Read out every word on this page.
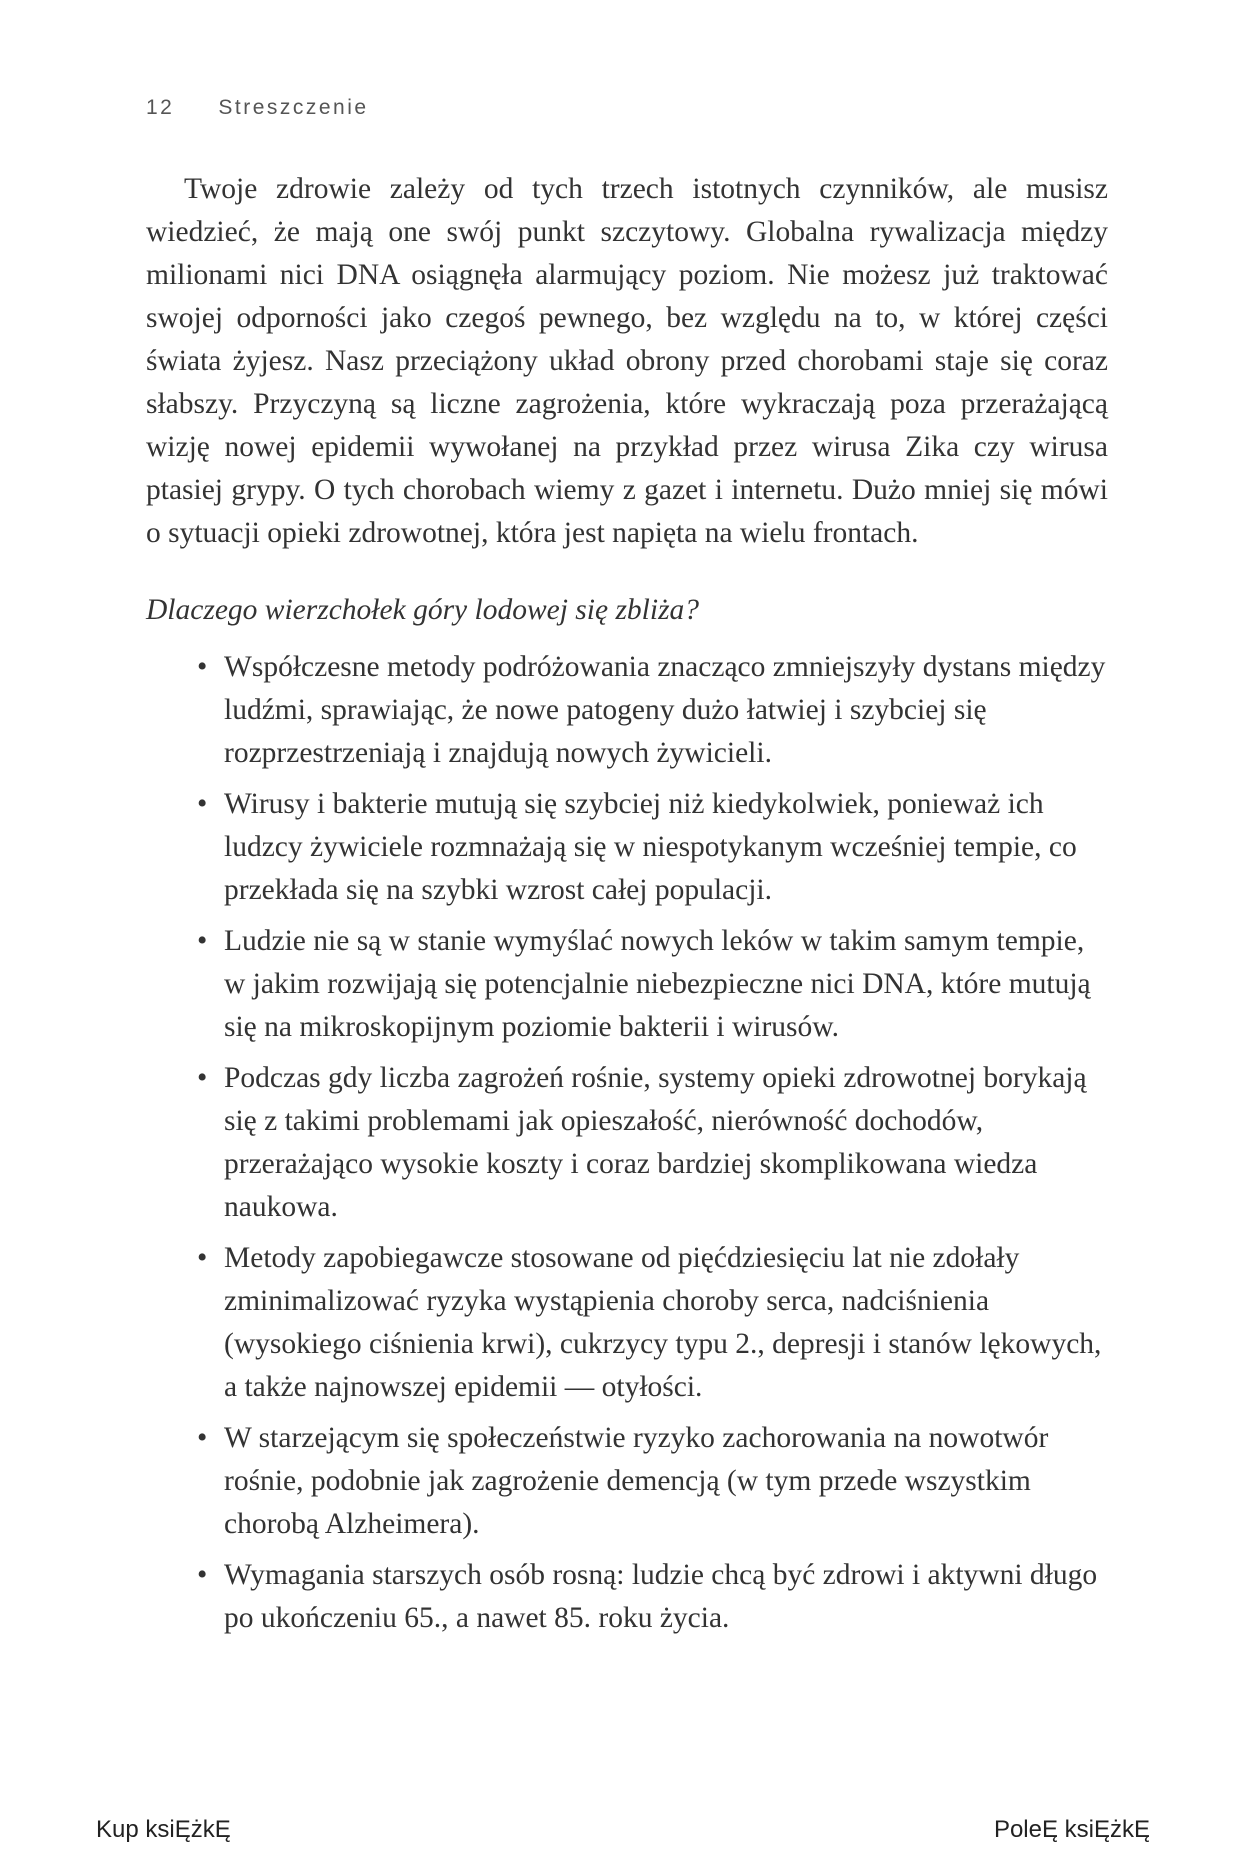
12 Streszczenie

Twoje zdrowie zależy od tych trzech istotnych czynników, ale musisz wiedzieć, że mają one swój punkt szczytowy. Globalna rywalizacja między milionami nici DNA osiągnęła alarmujący poziom. Nie możesz już traktować swojej odporności jako czegoś pewnego, bez względu na to, w której części świata żyjesz. Nasz przeciążony układ obrony przed chorobami staje się coraz słabszy. Przyczyną są liczne zagrożenia, które wykraczają poza przerażającą wizję nowej epidemii wywołanej na przykład przez wirusa Zika czy wirusa ptasiej grypy. O tych chorobach wiemy z gazet i internetu. Dużo mniej się mówi o sytuacji opieki zdrowotnej, która jest napięta na wielu frontach.

Dlaczego wierzchołek góry lodowej się zbliża?
• Współczesne metody podróżowania znacząco zmniejszyły dystans między ludźmi, sprawiając, że nowe patogeny dużo łatwiej i szybciej się rozprzestrzeniają i znajdują nowych żywicieli.
• Wirusy i bakterie mutują się szybciej niż kiedykolwiek, ponieważ ich ludzcy żywiciele rozmnażają się w niespotykanym wcześniej tempie, co przekłada się na szybki wzrost całej populacji.
• Ludzie nie są w stanie wymyślać nowych leków w takim samym tempie, w jakim rozwijają się potencjalnie niebezpieczne nici DNA, które mutują się na mikroskopijnym poziomie bakterii i wirusów.
• Podczas gdy liczba zagrożeń rośnie, systemy opieki zdrowotnej borykają się z takimi problemami jak opieszałość, nierówność dochodów, przerażająco wysokie koszty i coraz bardziej skomplikowana wiedza naukowa.
• Metody zapobiegawcze stosowane od pięćdziesięciu lat nie zdołały zminimalizować ryzyka wystąpienia choroby serca, nadciśnienia (wysokiego ciśnienia krwi), cukrzycy typu 2., depresji i stanów lękowych, a także najnowszej epidemii — otyłości.
• W starzejącym się społeczeństwie ryzyko zachorowania na nowotwór rośnie, podobnie jak zagrożenie demencją (w tym przede wszystkim chorobą Alzheimera).
• Wymagania starszych osób rosną: ludzie chcą być zdrowi i aktywni długo po ukończeniu 65., a nawet 85. roku życia.
Kup ksiĘżkĘ	PoleĘ ksiĘżkĘ
